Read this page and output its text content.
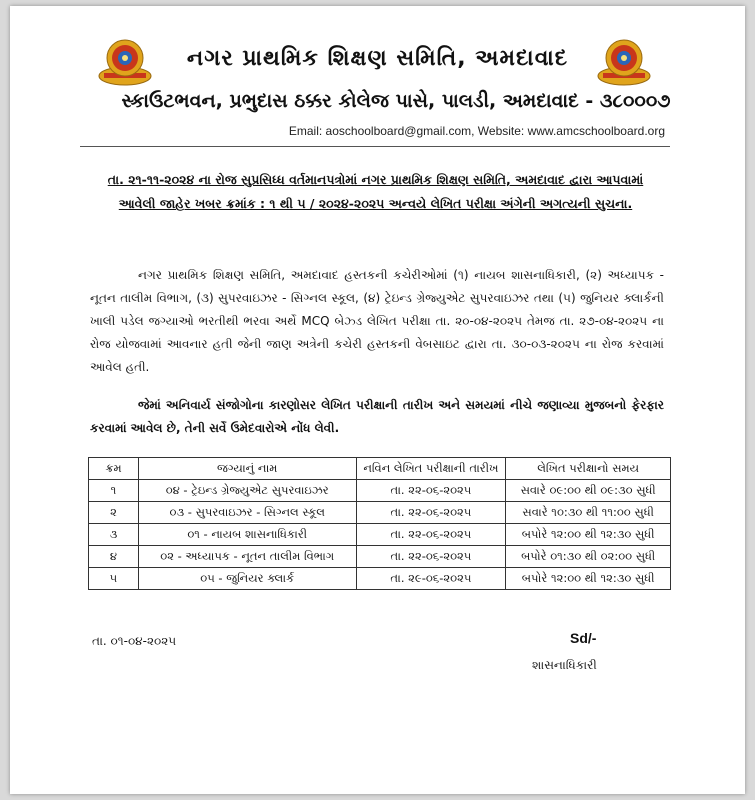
નગર પ્રાથમિક શિક્ષણ સમિતિ, અમદાવાદ
સ્કાઉટભવન, પ્રભુદાસ ઠક્કર કોલેજ પાસે, પાલડી, અમદાવાદ - ૩૮૦૦૦૭
Email: aoschoolboard@gmail.com, Website: www.amcschoolboard.org
તા. ૨૧-૧૧-૨૦૨૪ ના રોજ સુપ્રસિધ્ધ વર્તમાનપત્રોમાં નગર પ્રાથમિક શિક્ષણ સમિતિ, અમદાવાદ દ્વારા આપવામાં આવેલી જાહેર ખબર ક્રમાંક : ૧ થી ૫ / ૨૦૨૪-૨૦૨૫ અન્વયે લેખિત પરીક્ષા અંગેની અગત્યની સુચના.
નગર પ્રાથમિક શિક્ષણ સમિતિ, અમદાવાદ હસ્તકની કચેરીઓમાં (૧) નાયબ શાસનાધિકારી, (૨) અધ્યાપક - નૂતન તાલીમ વિભાગ, (૩) સુપરવાઇઝર - સિગ્નલ સ્કૂલ, (૪) ટ્રેઇન્ડ ગ્રેજ્યુએટ સુપરવાઇઝર તથા (૫) જુનિયર ક્લાર્કની ખાલી પડેલ જગ્યાઓ ભરતીથી ભરવા અર્થે MCQ બેઝ્ડ લેખિત પરીક્ષા તા. ૨૦-૦૪-૨૦૨૫ તેમજ તા. ૨૭-૦૪-૨૦૨૫ ના રોજ યોજવામાં આવનાર હતી જેની જાણ અત્રેની કચેરી હસ્તકની વેબસાઇટ દ્વારા તા. ૩૦-૦૩-૨૦૨૫ ના રોજ કરવામાં આવેલ હતી.
જેમાં અનિવાર્ય સંજોગોના કારણોસર લેખિત પરીક્ષાની તારીખ અને સમયમાં નીચે જણાવ્યા મુજબનો ફેરફાર કરવામાં આવેલ છે, તેની સર્વે ઉમેદવારોએ નોંધ લેવી.
ક્રમ	જગ્યાનું નામ	નવિન લેખિત પરીક્ષાની તારીખ	લેખિત પરીક્ષાનો સમય
૧	૦૪ - ટ્રેઇન્ડ ગ્રેજ્યુએટ સુપરવાઇઝર	તા. ૨૨-૦૬-૨૦૨૫	સવારે ૦૯:૦૦ થી ૦૯:૩૦ સુધી
૨	૦૩ - સુપરવાઇઝર - સિગ્નલ સ્કૂલ	તા. ૨૨-૦૬-૨૦૨૫	સવારે ૧૦:૩૦ થી ૧૧:૦૦ સુધી
૩	૦૧ - નાયબ શાસનાધિકારી	તા. ૨૨-૦૬-૨૦૨૫	બપોરે ૧૨:૦૦ થી ૧૨:૩૦ સુધી
૪	૦૨ - અધ્યાપક - નૂતન તાલીમ વિભાગ	તા. ૨૨-૦૬-૨૦૨૫	બપોરે ૦૧:૩૦ થી ૦૨:૦૦ સુધી
૫	૦૫ - જુનિયર ક્લાર્ક	તા. ૨૯-૦૬-૨૦૨૫	બપોરે ૧૨:૦૦ થી ૧૨:૩૦ સુધી
તા. ૦૧-૦૪-૨૦૨૫	Sd/-
શાસનાધિકારી
